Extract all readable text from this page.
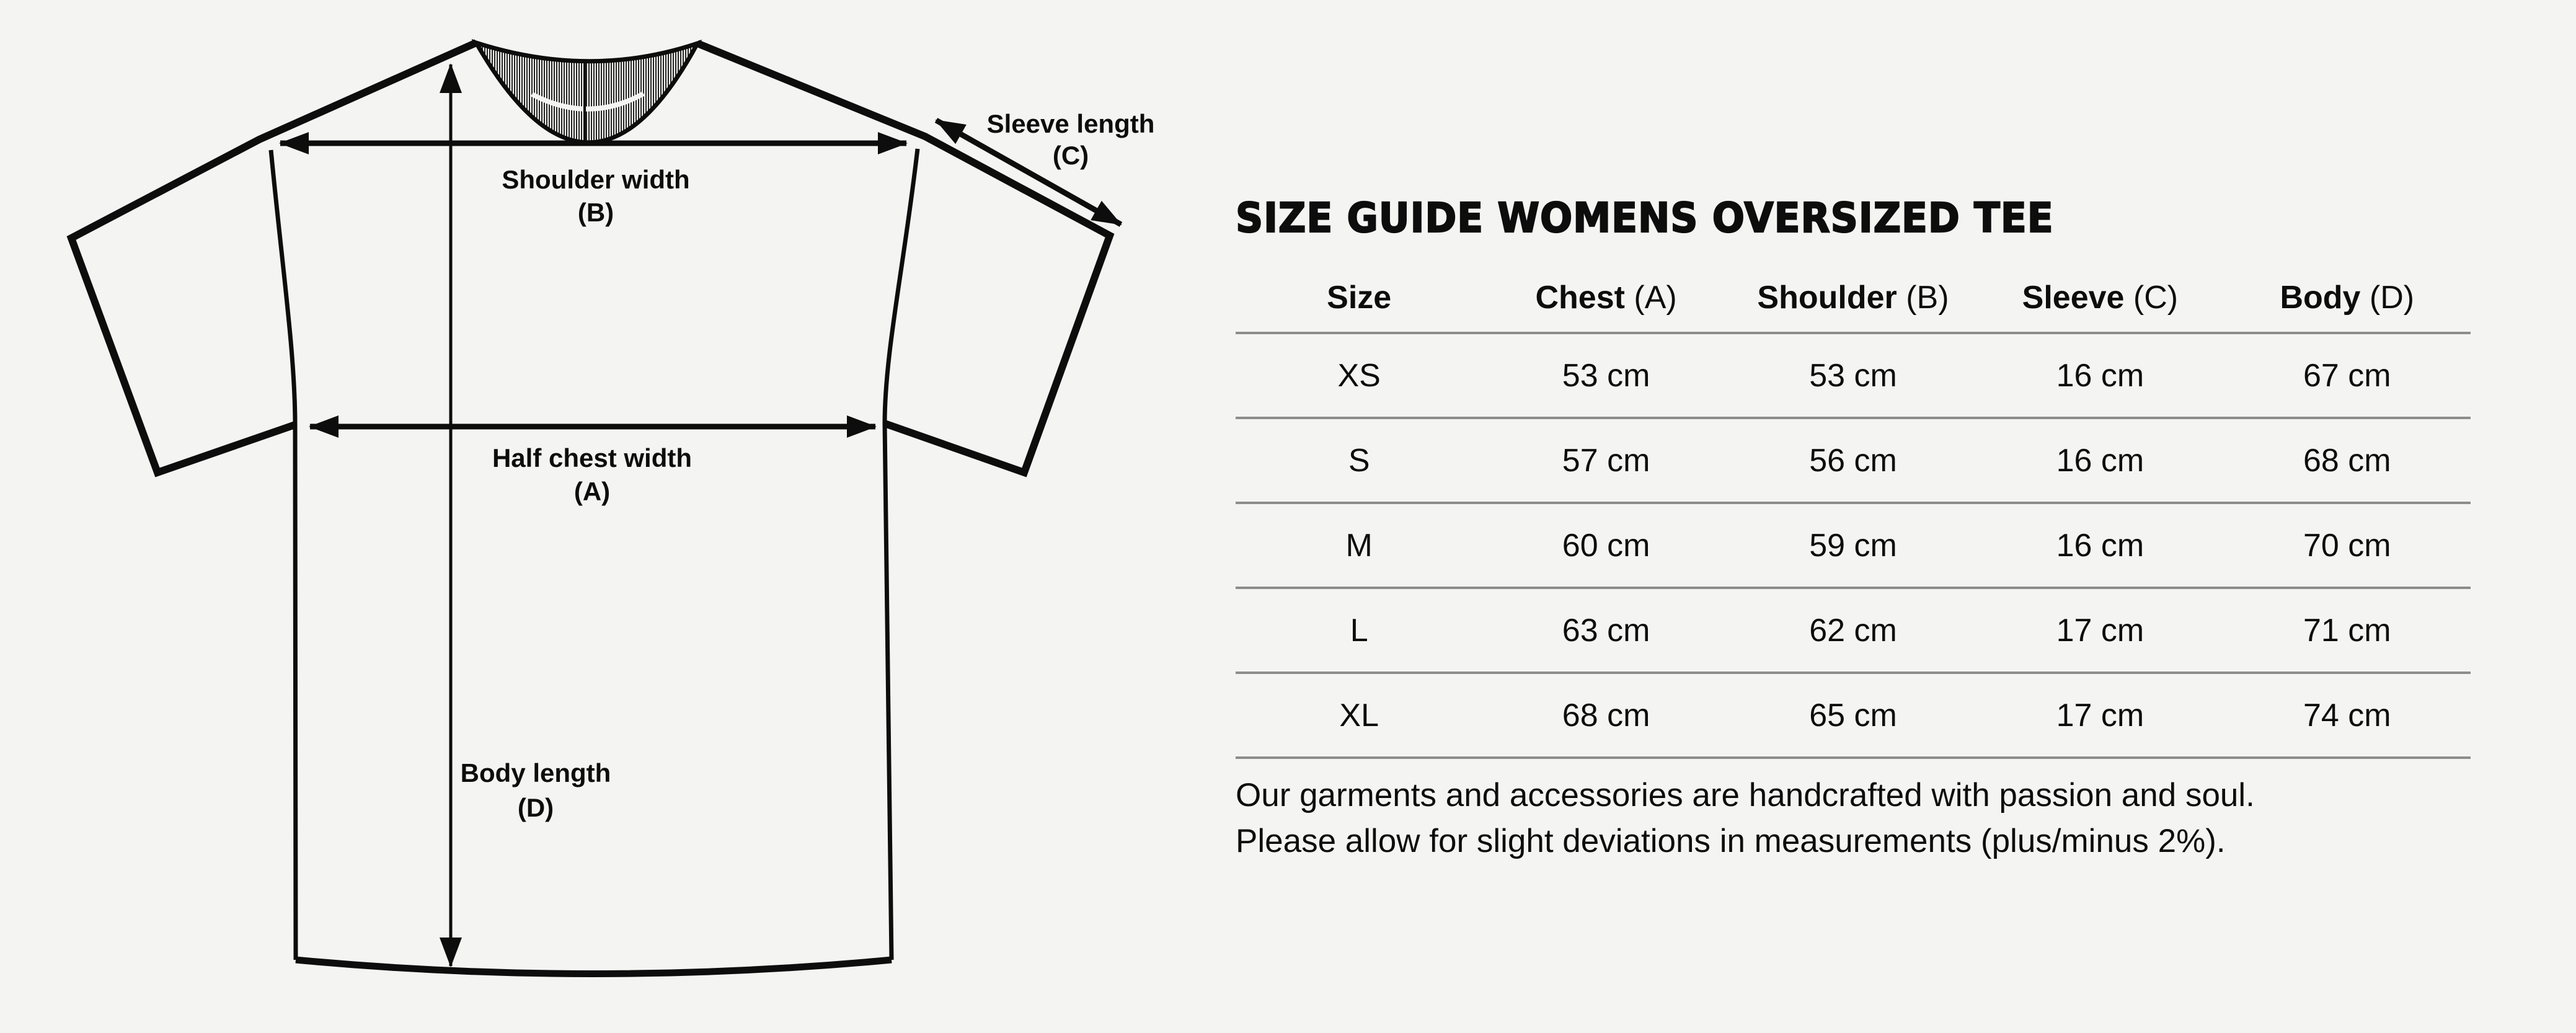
Shoulder width
(B)
Half chest width
(A)
Body length
(D)
Sleeve length
(C)
SIZE GUIDE WOMENS OVERSIZED TEE
Size	Chest (A)	Shoulder (B)	Sleeve (C)	Body (D)
XS	53 cm	53 cm	16 cm	67 cm
S	57 cm	56 cm	16 cm	68 cm
M	60 cm	59 cm	16 cm	70 cm
L	63 cm	62 cm	17 cm	71 cm
XL	68 cm	65 cm	17 cm	74 cm

Our garments and accessories are handcrafted with passion and soul.

Please allow for slight deviations in measurements (plus/minus 2%).
